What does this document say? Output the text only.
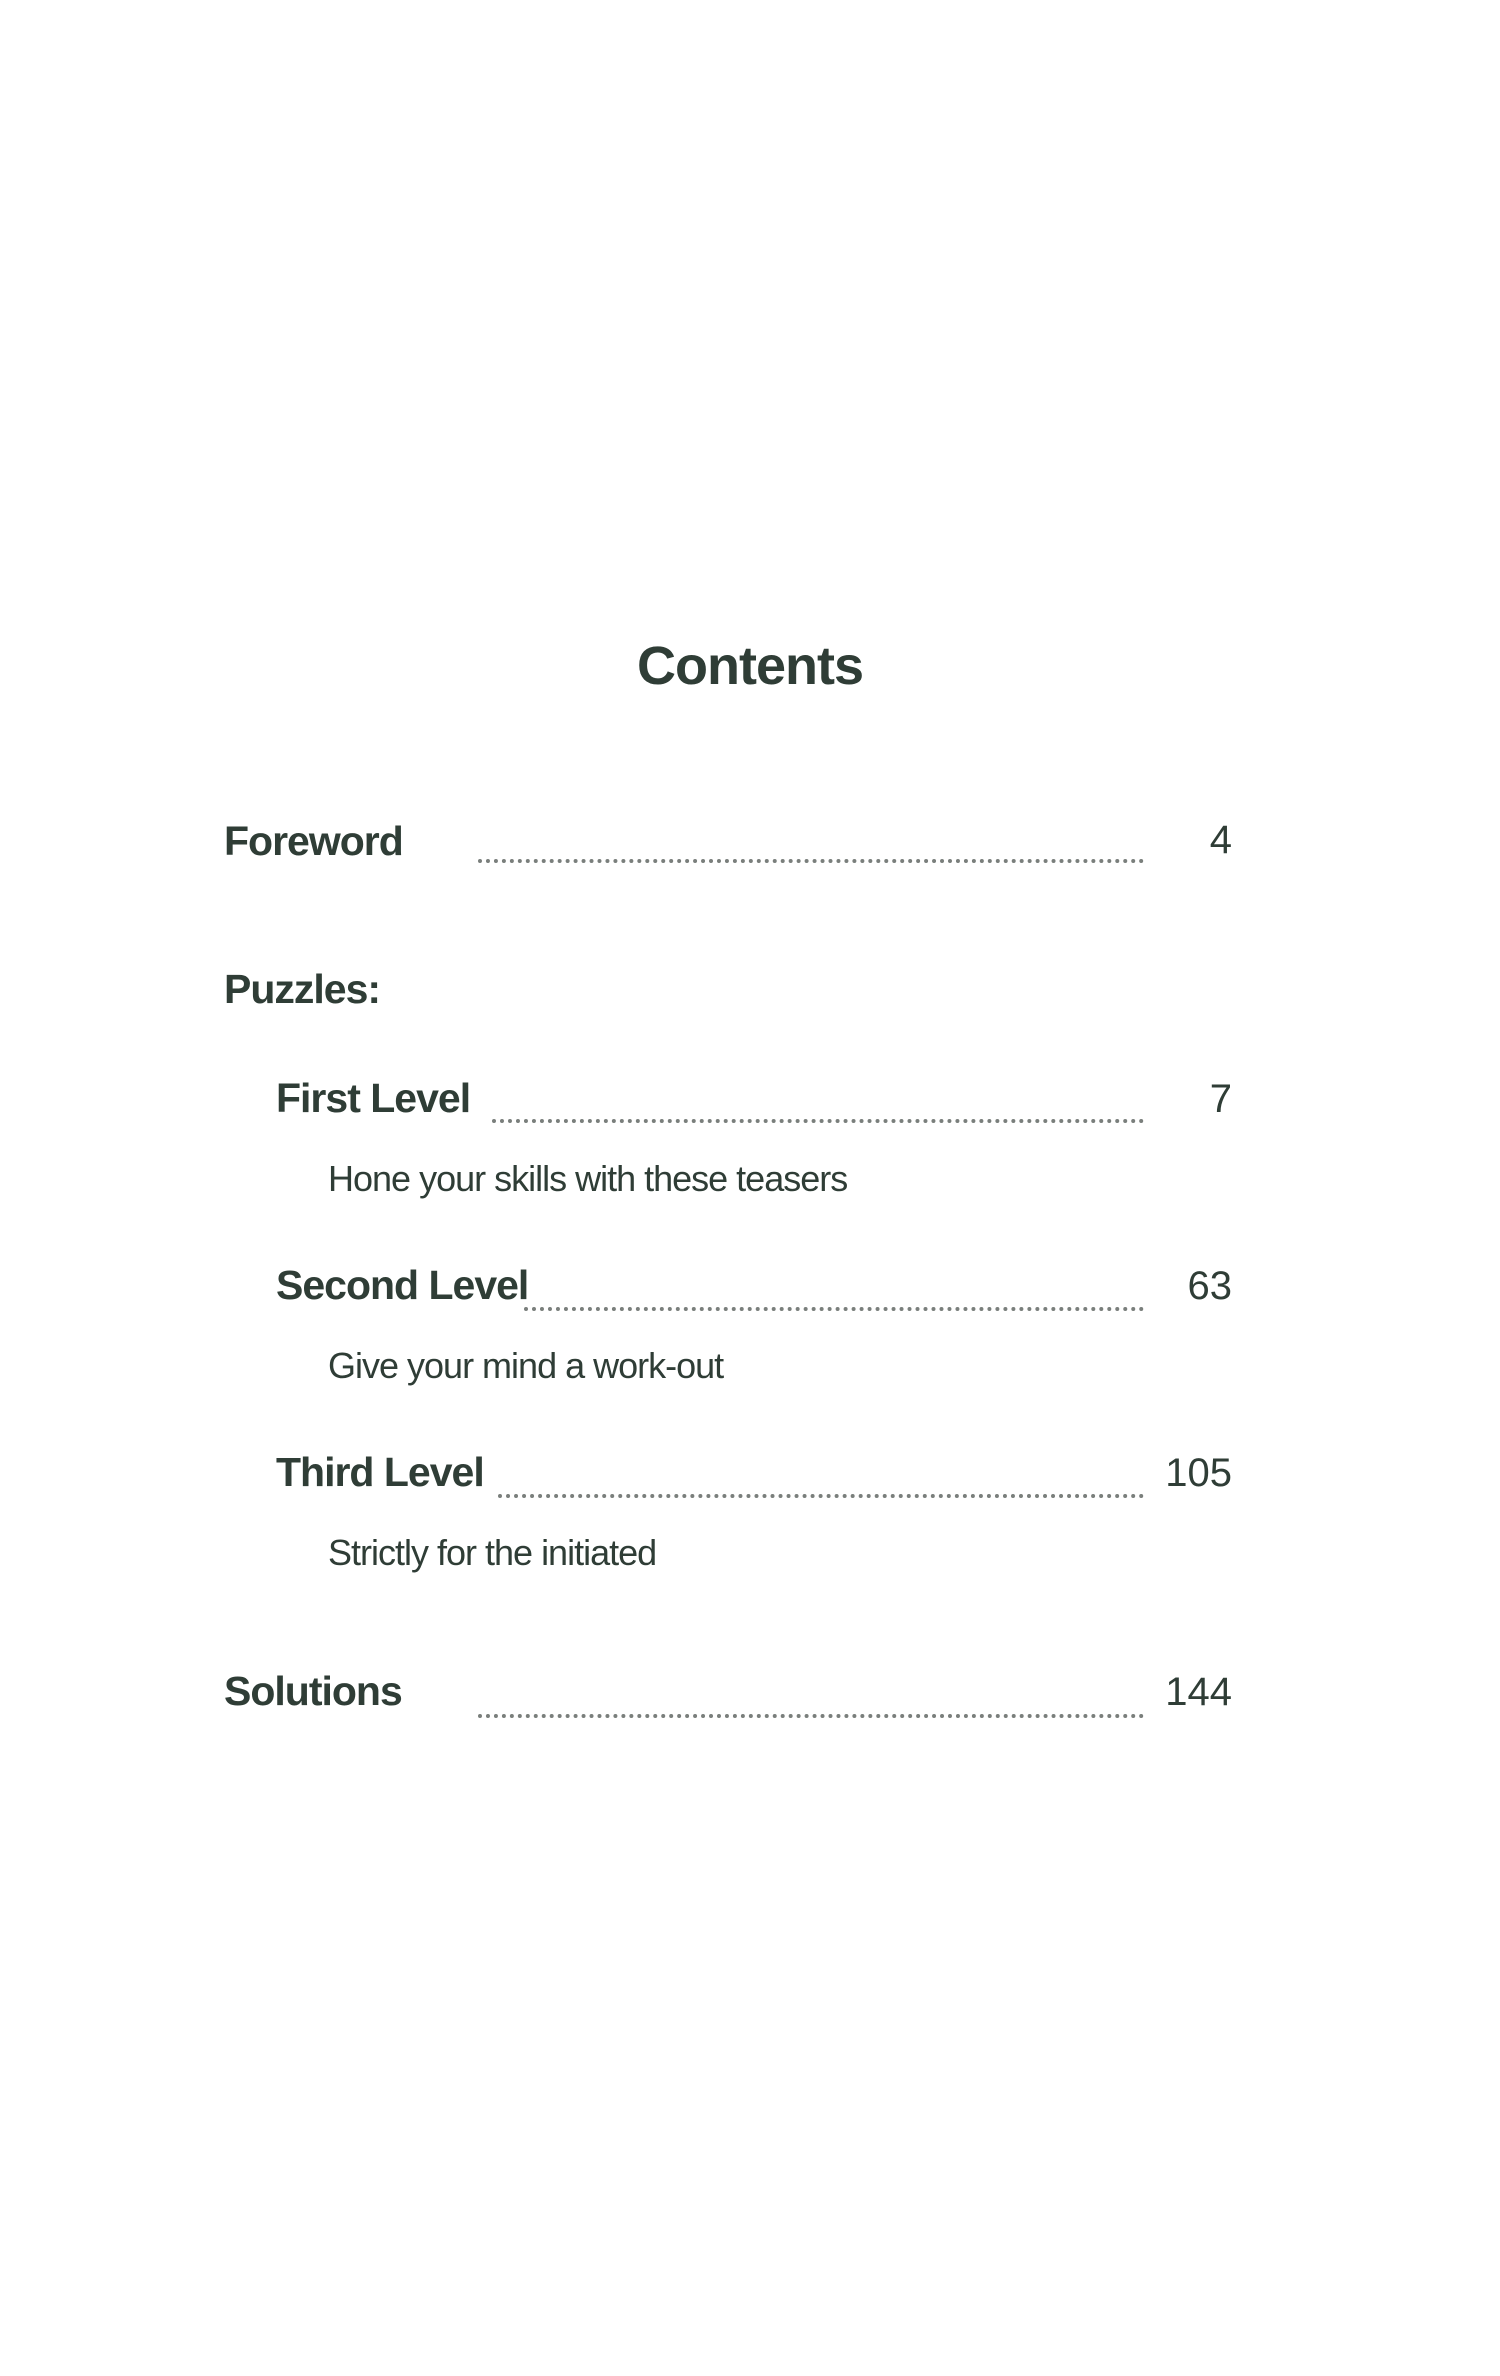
Contents
Foreword	4
Puzzles:
First Level	7
Hone your skills with these teasers
Second Level	63
Give your mind a work-out
Third Level	105
Strictly for the initiated
Solutions	144
